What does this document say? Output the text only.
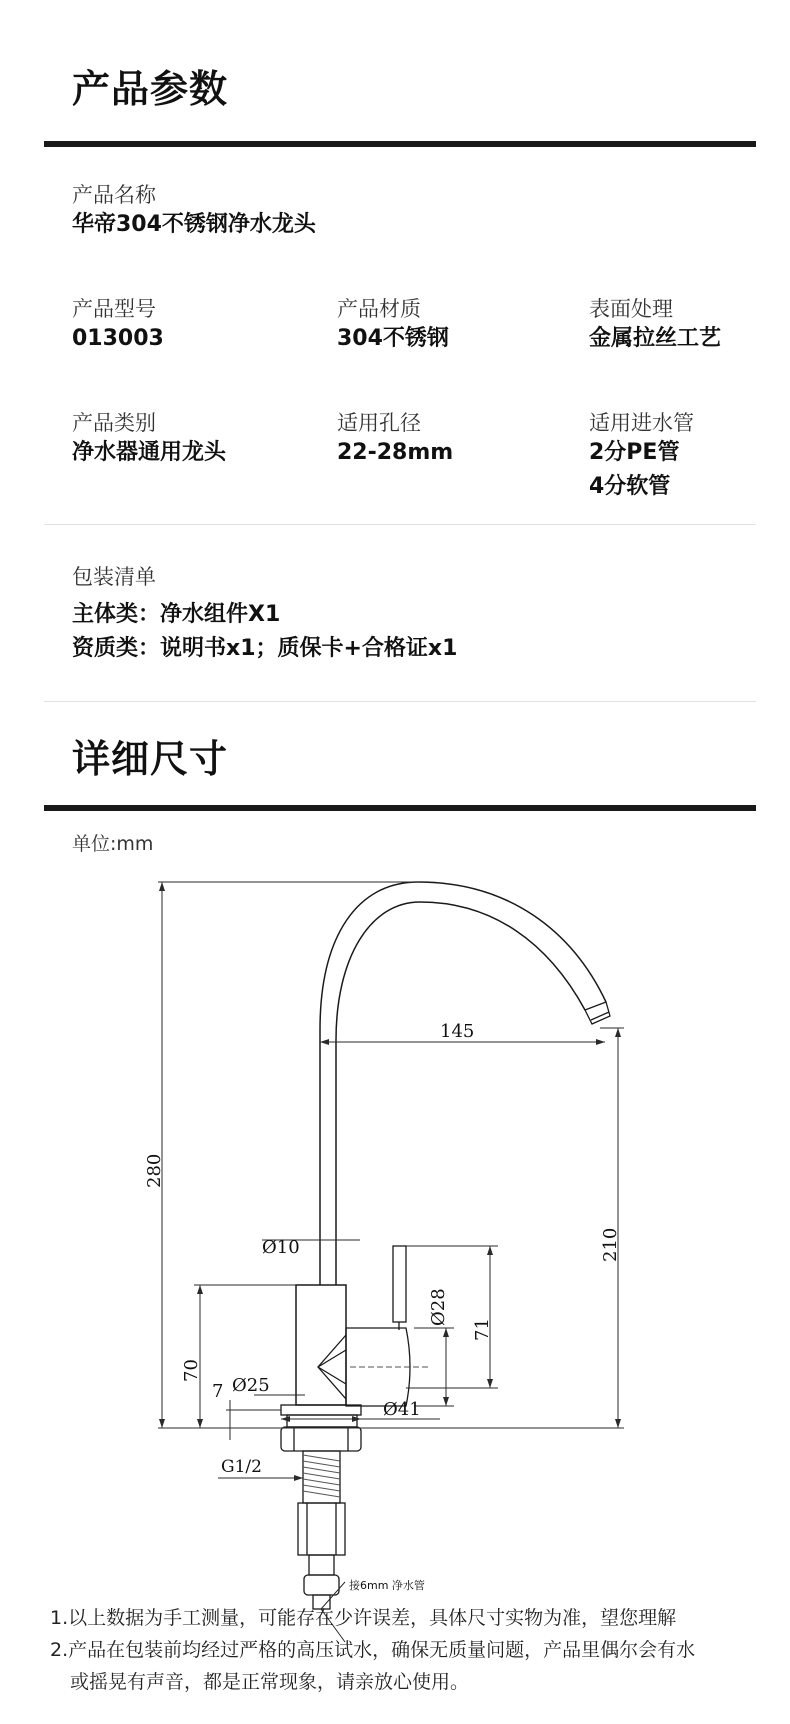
产品参数
产品名称
华帝304不锈钢净水龙头
产品型号
013003
产品材质
304不锈钢
表面处理
金属拉丝工艺
产品类别
净水器通用龙头
适用孔径
22-28mm
适用进水管
2分PE管
4分软管
包装清单
主体类：净水组件X1
资质类：说明书x1；质保卡+合格证x1
详细尺寸
单位:mm
280
145
210
Ø10
Ø28
71
70
7 Ø25
Ø41
G1/2
接6mm 净水管
1.以上数据为手工测量，可能存在少许误差，具体尺寸实物为准，望您理解
2.产品在包装前均经过严格的高压试水，确保无质量问题，产品里偶尔会有水
或摇晃有声音，都是正常现象，请亲放心使用。
